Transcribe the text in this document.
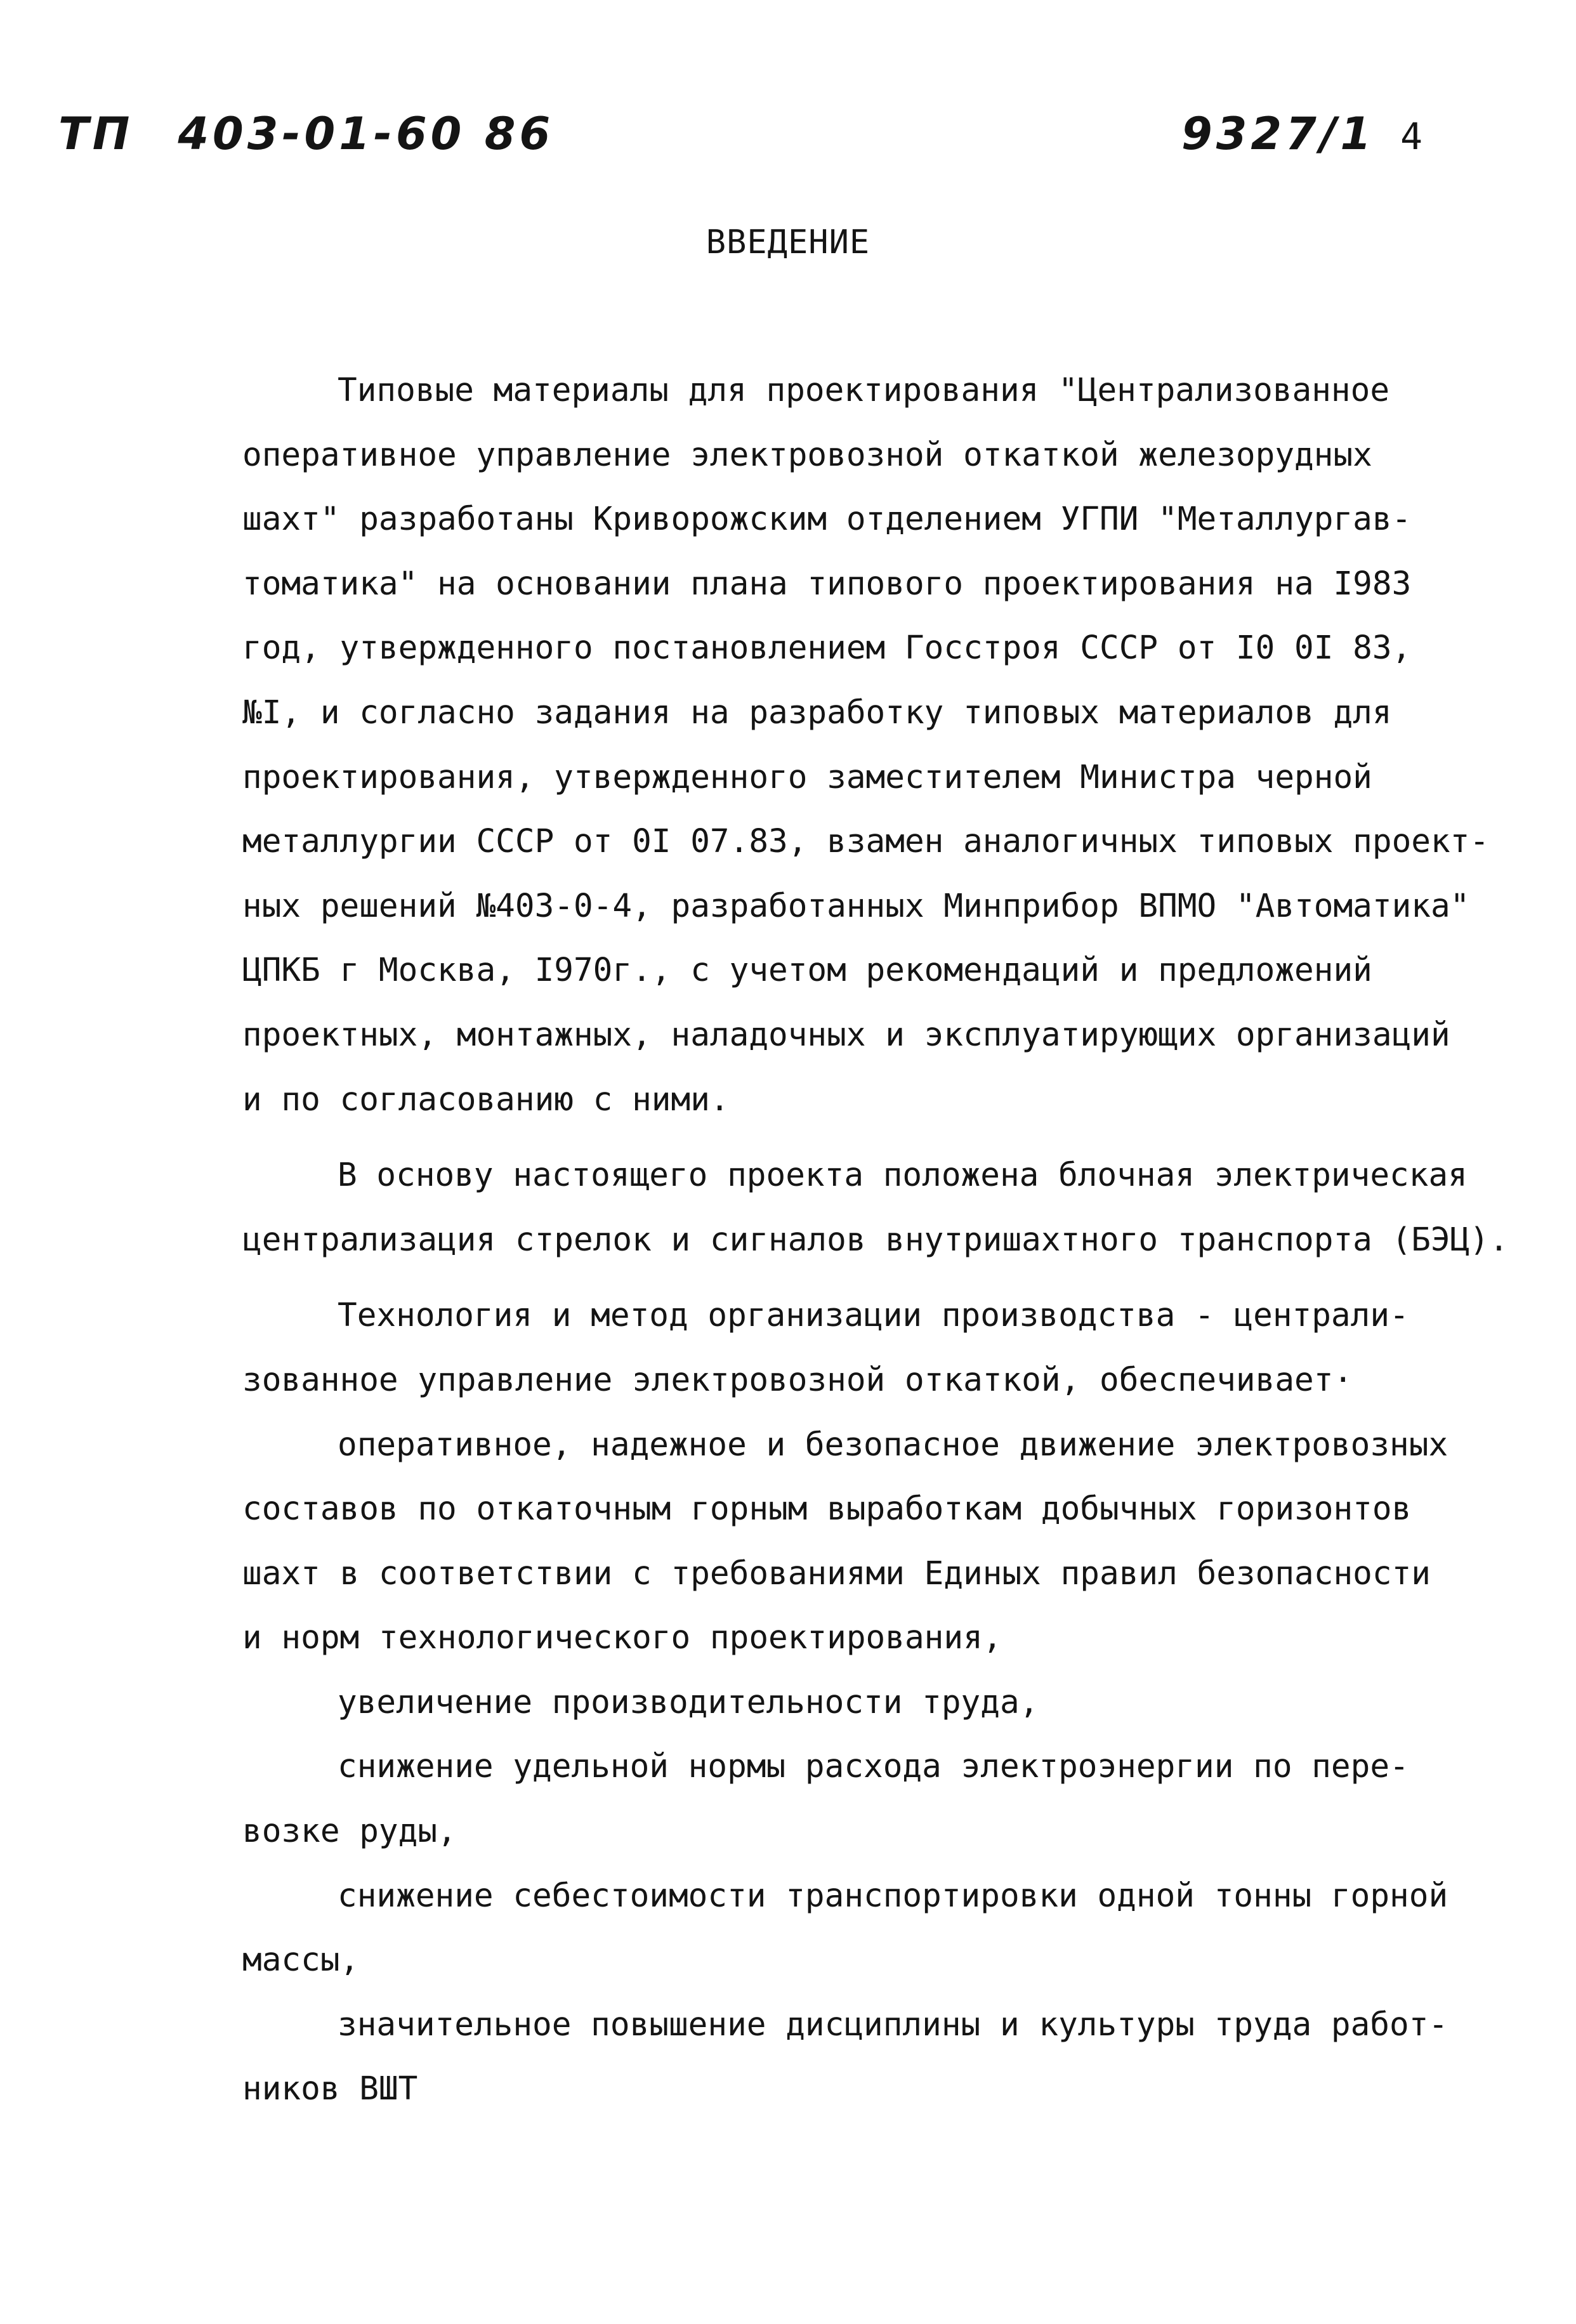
ТП 403-01-60 86	9327/1 4
ВВЕДЕНИЕ
Типовые материалы для проектирования "Централизованное
оперативное управление электровозной откаткой железорудных
шахт" разработаны Криворожским отделением УГПИ "Металлургав-
томатика" на основании плана типового проектирования на I983
год, утвержденного постановлением Госстроя СССР от I0 0I 83,
№I, и согласно задания на разработку типовых материалов для
проектирования, утвержденного заместителем Министра черной
металлургии СССР от 0I 07.83, взамен аналогичных типовых проект-
ных решений №403-0-4, разработанных Минприбор ВПМО "Автоматика"
ЦПКБ г Москва, I970г., с учетом рекомендаций и предложений
проектных, монтажных, наладочных и эксплуатирующих организаций
и по согласованию с ними.
В основу настоящего проекта положена блочная электрическая
централизация стрелок и сигналов внутришахтного транспорта (БЭЦ).
Технология и метод организации производства - централи-
зованное управление электровозной откаткой, обеспечивает·
оперативное, надежное и безопасное движение электровозных
составов по откаточным горным выработкам добычных горизонтов
шахт в соответствии с требованиями Единых правил безопасности
и норм технологического проектирования,
увеличение производительности труда,
снижение удельной нормы расхода электроэнергии по пере-
возке руды,
снижение себестоимости транспортировки одной тонны горной
массы,
значительное повышение дисциплины и культуры труда работ-
ников ВШТ
